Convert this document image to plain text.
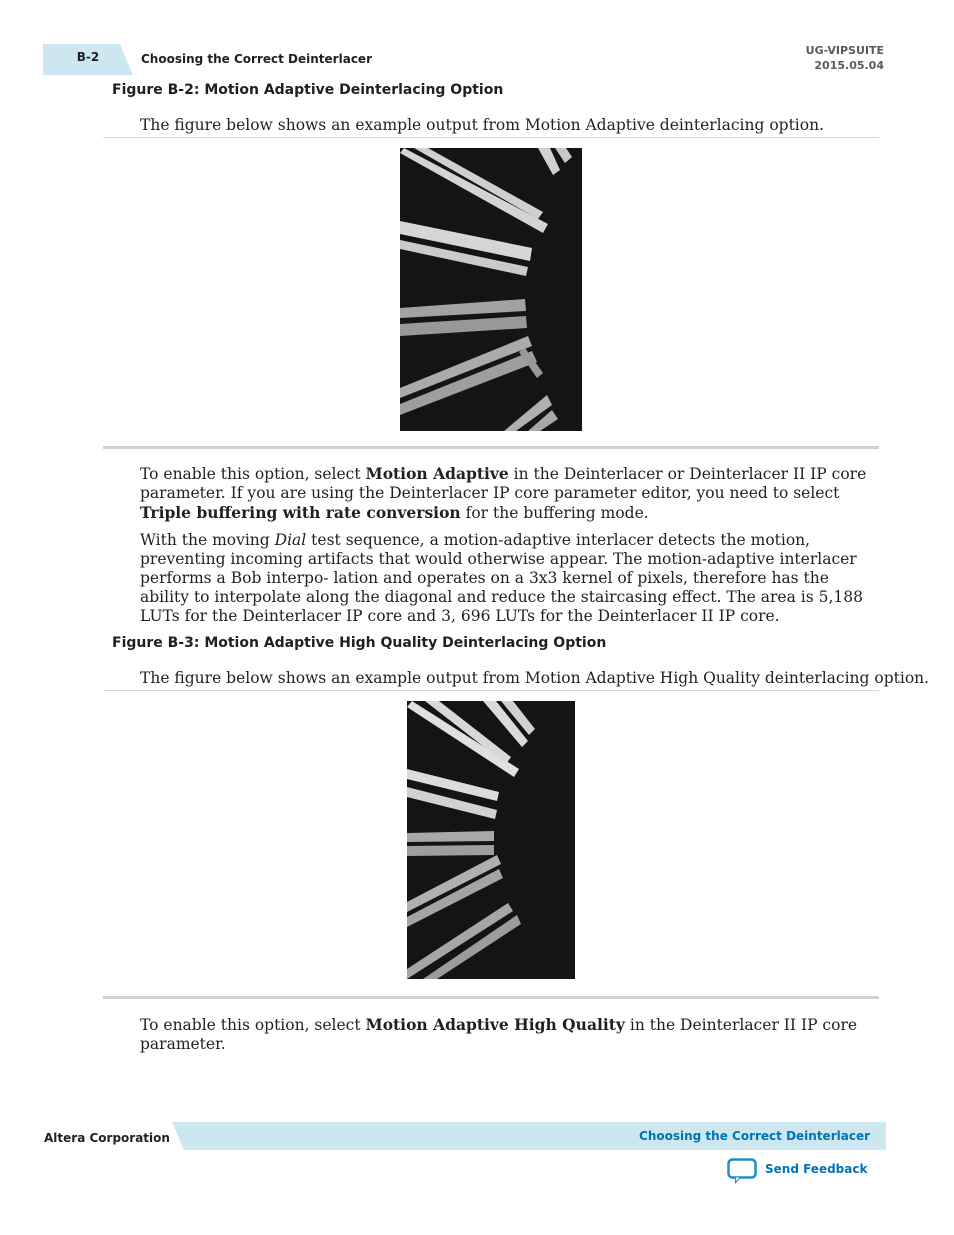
B-2	Choosing the Correct Deinterlacer
UG-VIPSUITE
2015.05.04
Figure B-2: Motion Adaptive Deinterlacing Option
The figure below shows an example output from Motion Adaptive deinterlacing option.
To enable this option, select Motion Adaptive in the Deinterlacer or Deinterlacer II IP core parameter. If you are using the Deinterlacer IP core parameter editor, you need to select Triple buffering with rate conversion for the buffering mode.
With the moving Dial test sequence, a motion-adaptive interlacer detects the motion, preventing incoming artifacts that would otherwise appear. The motion-adaptive interlacer performs a Bob interpo- lation and operates on a 3x3 kernel of pixels, therefore has the ability to interpolate along the diagonal and reduce the staircasing effect. The area is 5,188 LUTs for the Deinterlacer IP core and 3, 696 LUTs for the Deinterlacer II IP core.
Figure B-3: Motion Adaptive High Quality Deinterlacing Option
The figure below shows an example output from Motion Adaptive High Quality deinterlacing option.
To enable this option, select Motion Adaptive High Quality in the Deinterlacer II IP core parameter.
Altera Corporation	Choosing the Correct Deinterlacer
Send Feedback
